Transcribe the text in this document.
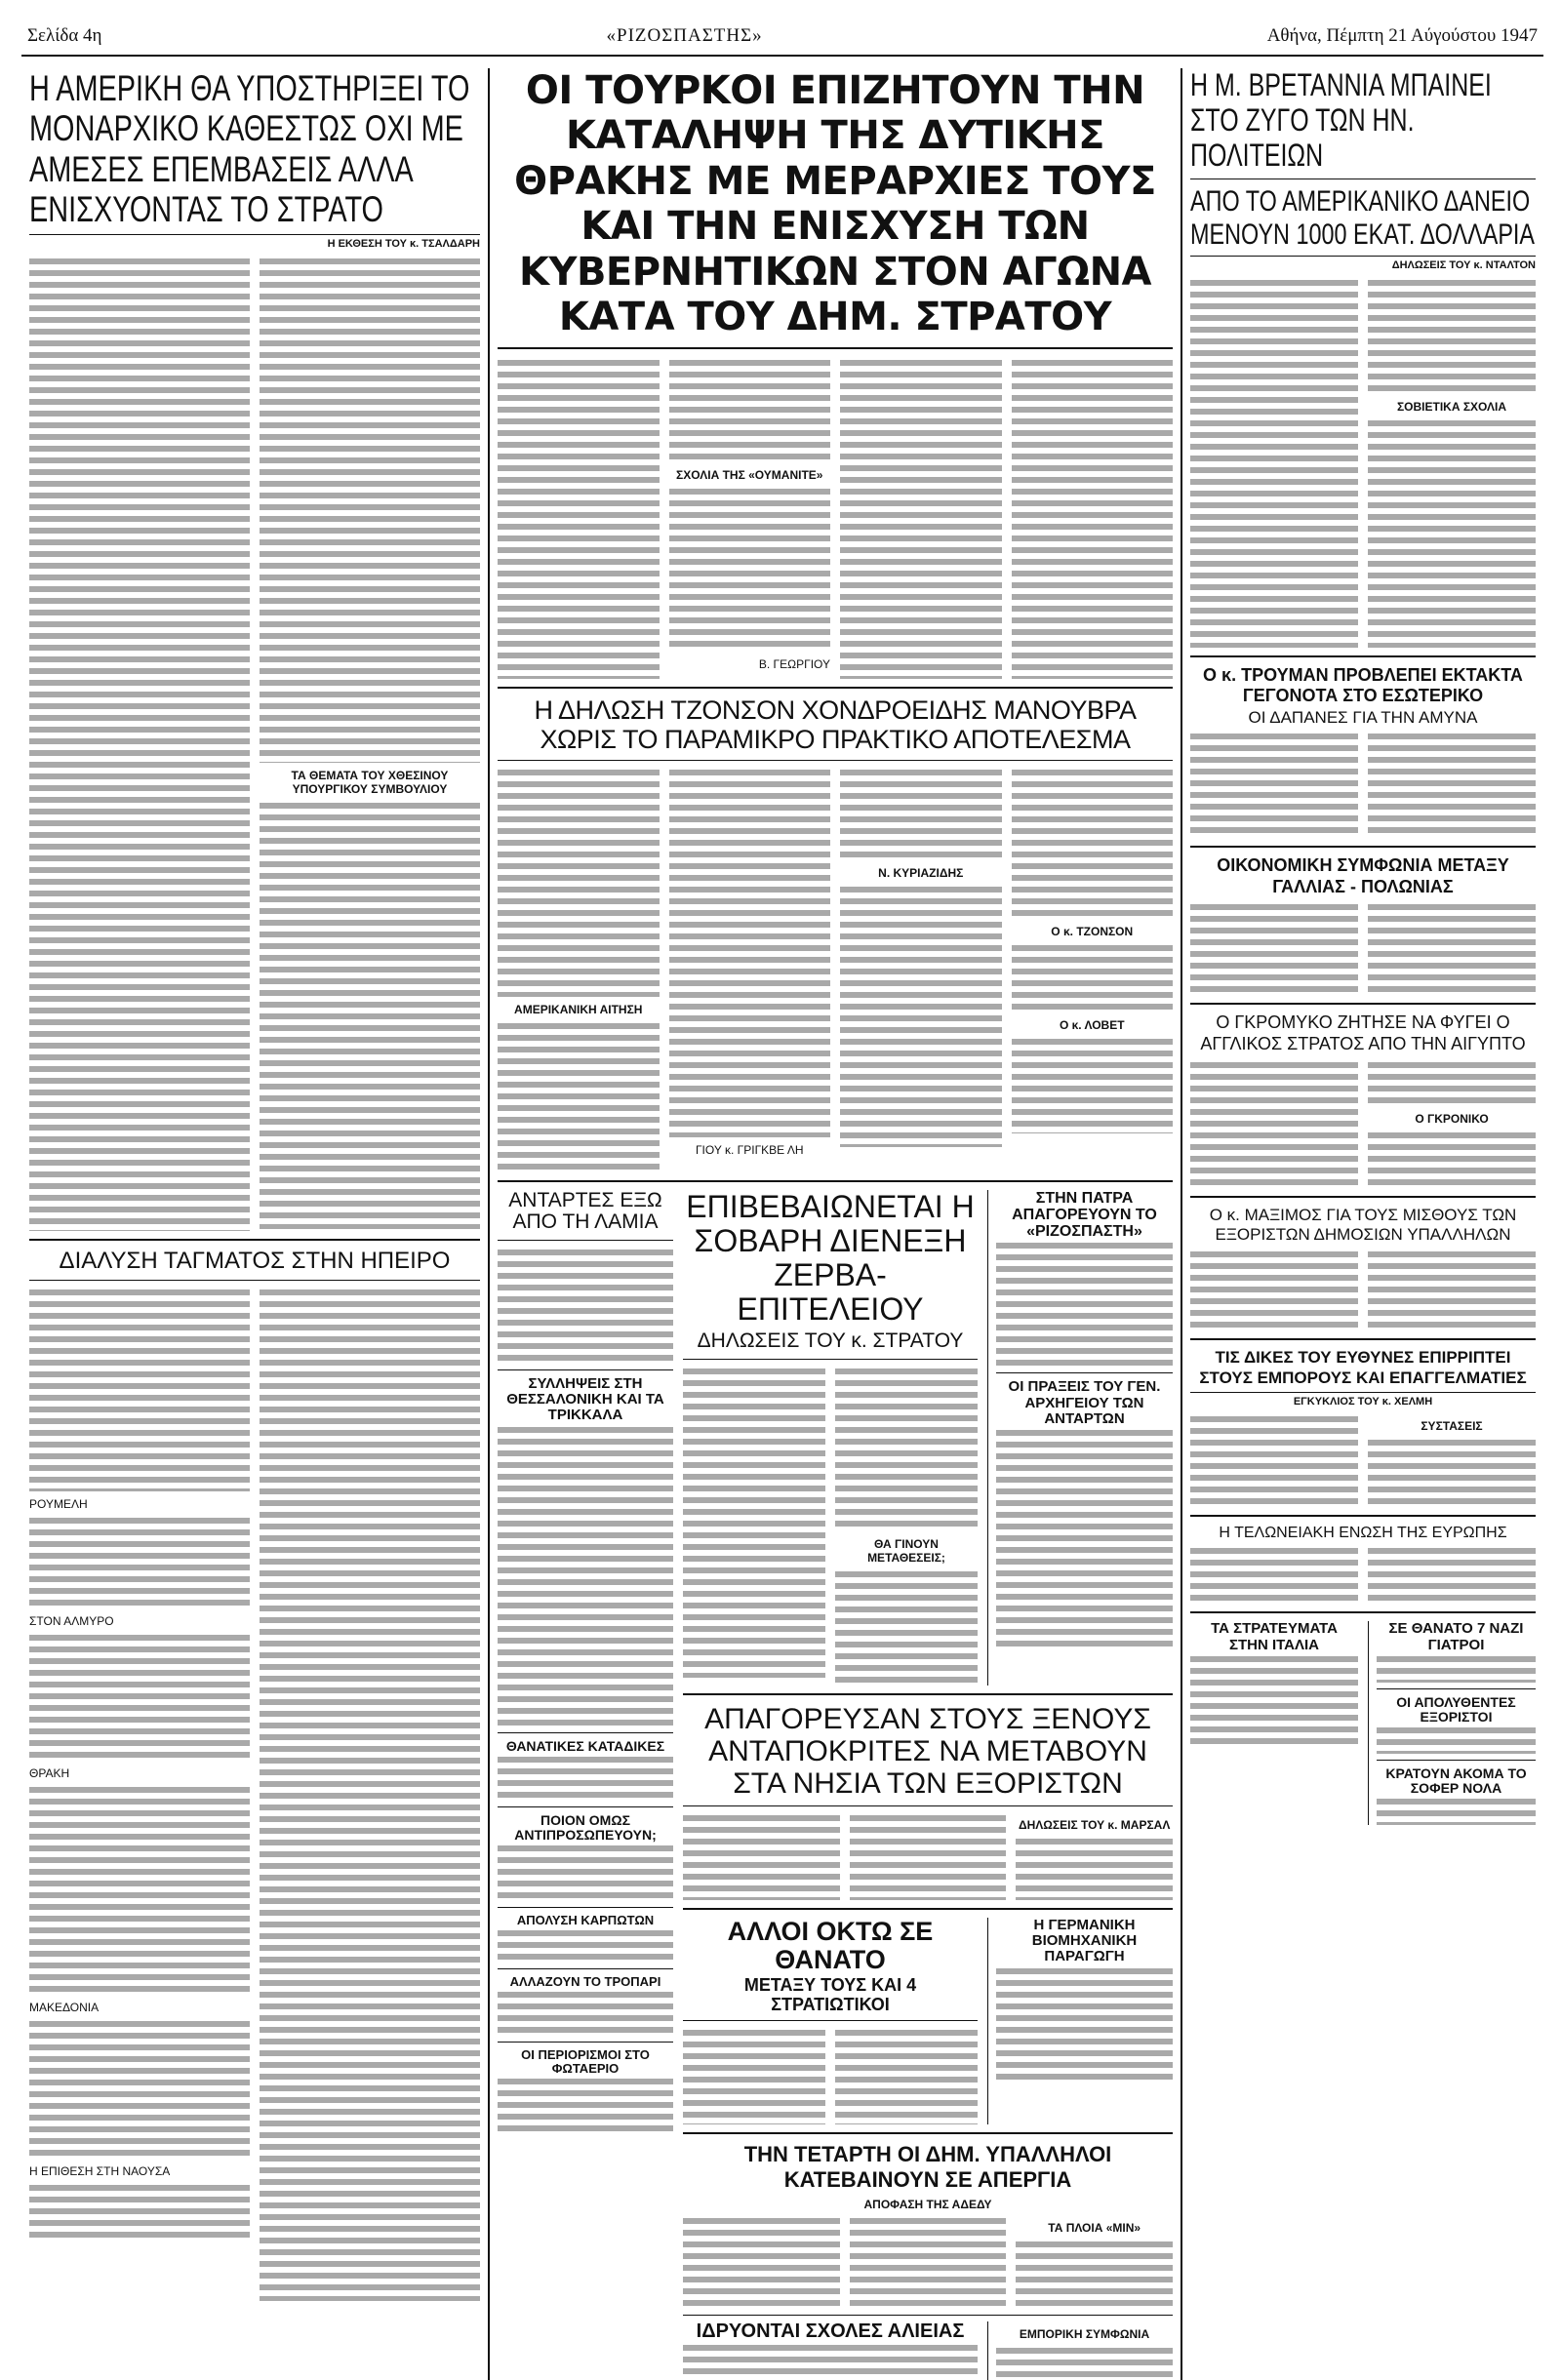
Σελίδα 4η	«ΡΙΖΟΣΠΑΣΤΗΣ»	Αθήνα, Πέμπτη 21 Αύγούστου 1947
Η ΑΜΕΡΙΚΗ ΘΑ ΥΠΟΣΤΗΡΙΞΕΙ ΤΟ ΜΟΝΑΡΧΙΚΟ ΚΑΘΕΣΤΩΣ ΟΧΙ ΜΕ ΑΜΕΣΕΣ ΕΠΕΜΒΑΣΕΙΣ ΑΛΛΑ ΕΝΙΣΧΥΟΝΤΑΣ ΤΟ ΣΤΡΑΤΟ
Η ΕΚΘΕΣΗ ΤΟΥ κ. ΤΣΑΛΔΑΡΗ
ΤΑ ΘΕΜΑΤΑ ΤΟΥ ΧΘΕΣΙΝΟΥ ΥΠΟΥΡΓΙΚΟΥ ΣΥΜΒΟΥΛΙΟΥ
ΔΙΑΛΥΣΗ ΤΑΓΜΑΤΟΣ ΣΤΗΝ ΗΠΕΙΡΟ
ΡΟΥΜΕΛΗ
ΣΤΟΝ ΑΛΜΥΡΟ
ΘΡΑΚΗ
ΜΑΚΕΔΟΝΙΑ
Η ΕΠΙΘΕΣΗ ΣΤΗ ΝΑΟΥΣΑ
ΟΙ ΤΟΥΡΚΟΙ ΕΠΙΖΗΤΟΥΝ ΤΗΝ ΚΑΤΑΛΗΨΗ ΤΗΣ ΔΥΤΙΚΗΣ ΘΡΑΚΗΣ ΜΕ ΜΕΡΑΡΧΙΕΣ ΤΟΥΣ ΚΑΙ ΤΗΝ ΕΝΙΣΧΥΣΗ ΤΩΝ ΚΥΒΕΡΝΗΤΙΚΩΝ ΣΤΟΝ ΑΓΩΝΑ ΚΑΤΑ ΤΟΥ ΔΗΜ. ΣΤΡΑΤΟΥ
ΣΧΟΛΙΑ ΤΗΣ «ΟΥΜΑΝΙΤΕ»
Β. ΓΕΩΡΓΙΟΥ
Η ΔΗΛΩΣΗ ΤΖΟΝΣΟΝ ΧΟΝΔΡΟΕΙΔΗΣ ΜΑΝΟΥΒΡΑ ΧΩΡΙΣ ΤΟ ΠΑΡΑΜΙΚΡΟ ΠΡΑΚΤΙΚΟ ΑΠΟΤΕΛΕΣΜΑ
ΑΜΕΡΙΚΑΝΙΚΗ ΑΙΤΗΣΗ
ΓΙΟΥ κ. ΓΡΙΓΚΒΕ ΛΗ
Ν. ΚΥΡΙΑΖΙΔΗΣ
Ο κ. ΤΖΟΝΣΟΝ
Ο κ. ΛΟΒΕΤ
ΑΝΤΑΡΤΕΣ ΕΞΩ ΑΠΟ ΤΗ ΛΑΜΙΑ
ΣΥΛΛΗΨΕΙΣ ΣΤΗ ΘΕΣΣΑΛΟΝΙΚΗ ΚΑΙ ΤΑ ΤΡΙΚΚΑΛΑ
ΘΑΝΑΤΙΚΕΣ ΚΑΤΑΔΙΚΕΣ
ΠΟΙΟΝ ΟΜΩΣ ΑΝΤΙΠΡΟΣΩΠΕΥΟΥΝ;
ΑΠΟΛΥΣΗ ΚΑΡΠΩΤΩΝ
ΑΛΛΑΖΟΥΝ ΤΟ ΤΡΟΠΑΡΙ
ΟΙ ΠΕΡΙΟΡΙΣΜΟΙ ΣΤΟ ΦΩΤΑΕΡΙΟ
ΕΠΙΒΕΒΑΙΩΝΕΤΑΙ Η ΣΟΒΑΡΗ ΔΙΕΝΕΞΗ ΖΕΡΒΑ-ΕΠΙΤΕΛΕΙΟΥ
ΔΗΛΩΣΕΙΣ ΤΟΥ κ. ΣΤΡΑΤΟΥ
ΘΑ ΓΙΝΟΥΝ ΜΕΤΑΘΕΣΕΙΣ;
ΣΤΗΝ ΠΑΤΡΑ ΑΠΑΓΟΡΕΥΟΥΝ ΤΟ «ΡΙΖΟΣΠΑΣΤΗ»
ΟΙ ΠΡΑΞΕΙΣ ΤΟΥ ΓΕΝ. ΑΡΧΗΓΕΙΟΥ ΤΩΝ ΑΝΤΑΡΤΩΝ
ΑΠΑΓΟΡΕΥΣΑΝ ΣΤΟΥΣ ΞΕΝΟΥΣ ΑΝΤΑΠΟΚΡΙΤΕΣ ΝΑ ΜΕΤΑΒΟΥΝ ΣΤΑ ΝΗΣΙΑ ΤΩΝ ΕΞΟΡΙΣΤΩΝ
ΔΗΛΩΣΕΙΣ ΤΟΥ κ. ΜΑΡΣΑΛ
ΑΛΛΟΙ ΟΚΤΩ ΣΕ ΘΑΝΑΤΟ
ΜΕΤΑΞΥ ΤΟΥΣ ΚΑΙ 4 ΣΤΡΑΤΙΩΤΙΚΟΙ
Η ΓΕΡΜΑΝΙΚΗ ΒΙΟΜΗΧΑΝΙΚΗ ΠΑΡΑΓΩΓΗ
ΤΗΝ ΤΕΤΑΡΤΗ ΟΙ ΔΗΜ. ΥΠΑΛΛΗΛΟΙ ΚΑΤΕΒΑΙΝΟΥΝ ΣΕ ΑΠΕΡΓΙΑ
ΑΠΟΦΑΣΗ ΤΗΣ ΑΔΕΔΥ
ΤΑ ΠΛΟΙΑ «ΜΙΝ»
ΙΔΡΥΟΝΤΑΙ ΣΧΟΛΕΣ ΑΛΙΕΙΑΣ	ΕΜΠΟΡΙΚΗ ΣΥΜΦΩΝΙΑ
Η Μ. ΒΡΕΤΑΝΝΙΑ ΜΠΑΙΝΕΙ ΣΤΟ ΖΥΓΟ ΤΩΝ ΗΝ. ΠΟΛΙΤΕΙΩΝ
ΑΠΟ ΤΟ ΑΜΕΡΙΚΑΝΙΚΟ ΔΑΝΕΙΟ ΜΕΝΟΥΝ 1000 ΕΚΑΤ. ΔΟΛΛΑΡΙΑ
ΔΗΛΩΣΕΙΣ ΤΟΥ κ. ΝΤΑΛΤΟΝ
ΣΟΒΙΕΤΙΚΑ ΣΧΟΛΙΑ
Ο κ. ΤΡΟΥΜΑΝ ΠΡΟΒΛΕΠΕΙ ΕΚΤΑΚΤΑ ΓΕΓΟΝΟΤΑ ΣΤΟ ΕΣΩΤΕΡΙΚΟ
ΟΙ ΔΑΠΑΝΕΣ ΓΙΑ ΤΗΝ ΑΜΥΝΑ
ΟΙΚΟΝΟΜΙΚΗ ΣΥΜΦΩΝΙΑ ΜΕΤΑΞΥ ΓΑΛΛΙΑΣ - ΠΟΛΩΝΙΑΣ
Ο ΓΚΡΟΜΥΚΟ ΖΗΤΗΣΕ ΝΑ ΦΥΓΕΙ Ο ΑΓΓΛΙΚΟΣ ΣΤΡΑΤΟΣ ΑΠΟ ΤΗΝ ΑΙΓΥΠΤΟ
Ο ΓΚΡΟΝΙΚΟ
Ο κ. ΜΑΞΙΜΟΣ ΓΙΑ ΤΟΥΣ ΜΙΣΘΟΥΣ ΤΩΝ ΕΞΟΡΙΣΤΩΝ ΔΗΜΟΣΙΩΝ ΥΠΑΛΛΗΛΩΝ
ΤΙΣ ΔΙΚΕΣ ΤΟΥ ΕΥΘΥΝΕΣ ΕΠΙΡΡΙΠΤΕΙ ΣΤΟΥΣ ΕΜΠΟΡΟΥΣ ΚΑΙ ΕΠΑΓΓΕΛΜΑΤΙΕΣ
ΕΓΚΥΚΛΙΟΣ ΤΟΥ κ. ΧΕΛΜΗ
ΣΥΣΤΑΣΕΙΣ
Η ΤΕΛΩΝΕΙΑΚΗ ΕΝΩΣΗ ΤΗΣ ΕΥΡΩΠΗΣ
ΤΑ ΣΤΡΑΤΕΥΜΑΤΑ ΣΤΗΝ ΙΤΑΛΙΑ
ΣΕ ΘΑΝΑΤΟ 7 ΝΑΖΙ ΓΙΑΤΡΟΙ
ΟΙ ΑΠΟΛΥΘΕΝΤΕΣ ΕΞΟΡΙΣΤΟΙ
ΚΡΑΤΟΥΝ ΑΚΟΜΑ ΤΟ ΣΟΦΕΡ ΝΟΛΑ
